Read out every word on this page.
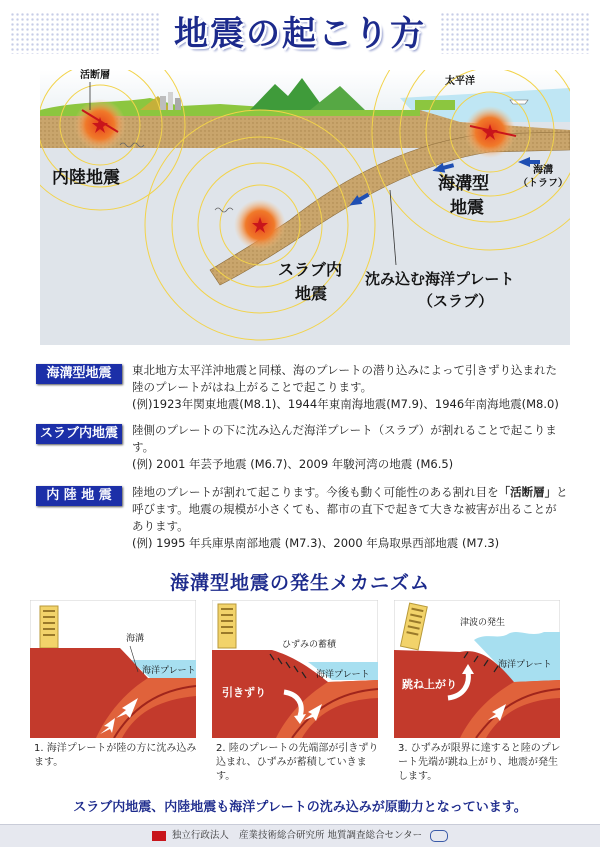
地震の起こり方
活断層
太平洋
海溝
（トラフ）
内陸地震	海溝型
地震
スラブ内
地震
沈み込む海洋プレート
（スラブ）
海溝型地震	東北地方太平洋沖地震と同様、海のプレートの潜り込みによって引きずり込まれた陸のプレートがはね上がることで起こります。
(例)1923年関東地震(M8.1)、1944年東南海地震(M7.9)、1946年南海地震(M8.0)
スラブ内地震	陸側のプレートの下に沈み込んだ海洋プレート（スラブ）が割れることで起こります。
(例) 2001 年芸予地震 (M6.7)、2009 年駿河湾の地震 (M6.5)
内 陸 地 震	陸地のプレートが割れて起こります。今後も動く可能性のある割れ目を「活断層」と呼びます。地震の規模が小さくても、都市の直下で起きて大きな被害が出ることがあります。
(例) 1995 年兵庫県南部地震 (M7.3)、2000 年鳥取県西部地震 (M7.3)
海溝型地震の発生メカニズム
海溝
海洋プレート
ひずみの蓄積
海洋プレート
引きずり
津波の発生
海洋プレート
跳ね上がり
1. 海洋プレートが陸の方に沈み込みます。
2. 陸のプレートの先端部が引きずり込まれ、ひずみが蓄積していきます。
3. ひずみが限界に達すると陸のプレート先端が跳ね上がり、地震が発生します。
スラブ内地震、内陸地震も海洋プレートの沈み込みが原動力となっています。
独立行政法人 産業技術総合研究所 地質調査総合センター
